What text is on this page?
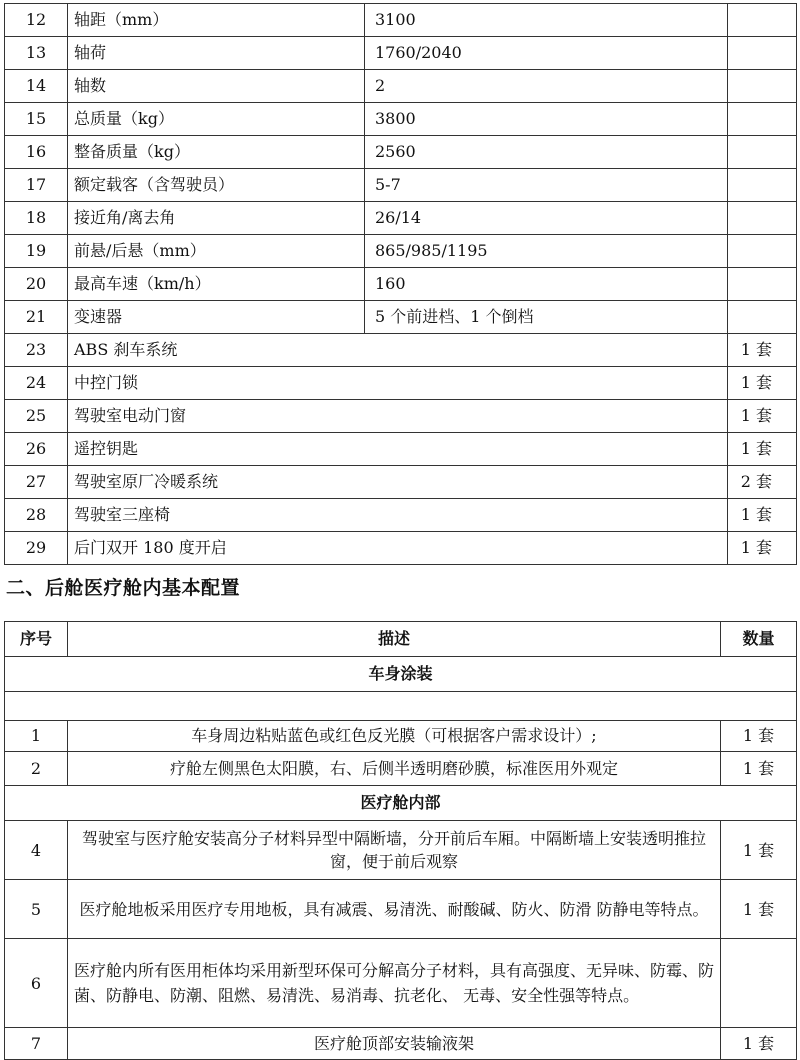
12	轴距（mm）	3100	
13	轴荷	1760/2040	
14	轴数	2	
15	总质量（kg）	3800	
16	整备质量（kg）	2560	
17	额定载客（含驾驶员）	5-7	
18	接近角/离去角	26/14	
19	前悬/后悬（mm）	865/985/1195	
20	最高车速（km/h）	160	
21	变速器	5 个前进档、1 个倒档	
23	ABS 刹车系统		1 套
24	中控门锁		1 套
25	驾驶室电动门窗		1 套
26	遥控钥匙		1 套
27	驾驶室原厂冷暖系统		2 套
28	驾驶室三座椅		1 套
29	后门双开 180 度开启		1 套
二、后舱医疗舱内基本配置
序号	描述	数量
车身涂装		

1	车身周边粘贴蓝色或红色反光膜（可根据客户需求设计）;	1 套
2	疗舱左侧黑色太阳膜，右、后侧半透明磨砂膜，标准医用外观定	1 套
医疗舱内部		
4	驾驶室与医疗舱安装高分子材料异型中隔断墙，分开前后车厢。中隔断墙上安装透明推拉窗，便于前后观察	1 套
5	医疗舱地板采用医疗专用地板，具有减震、易清洗、耐酸碱、防火、防滑 防静电等特点。	1 套
6	医疗舱内所有医用柜体均采用新型环保可分解高分子材料，具有高强度、无异味、防霉、防菌、防静电、防潮、阻燃、易清洗、易消毒、抗老化、 无毒、安全性强等特点。	
7	医疗舱顶部安装输液架	1 套
